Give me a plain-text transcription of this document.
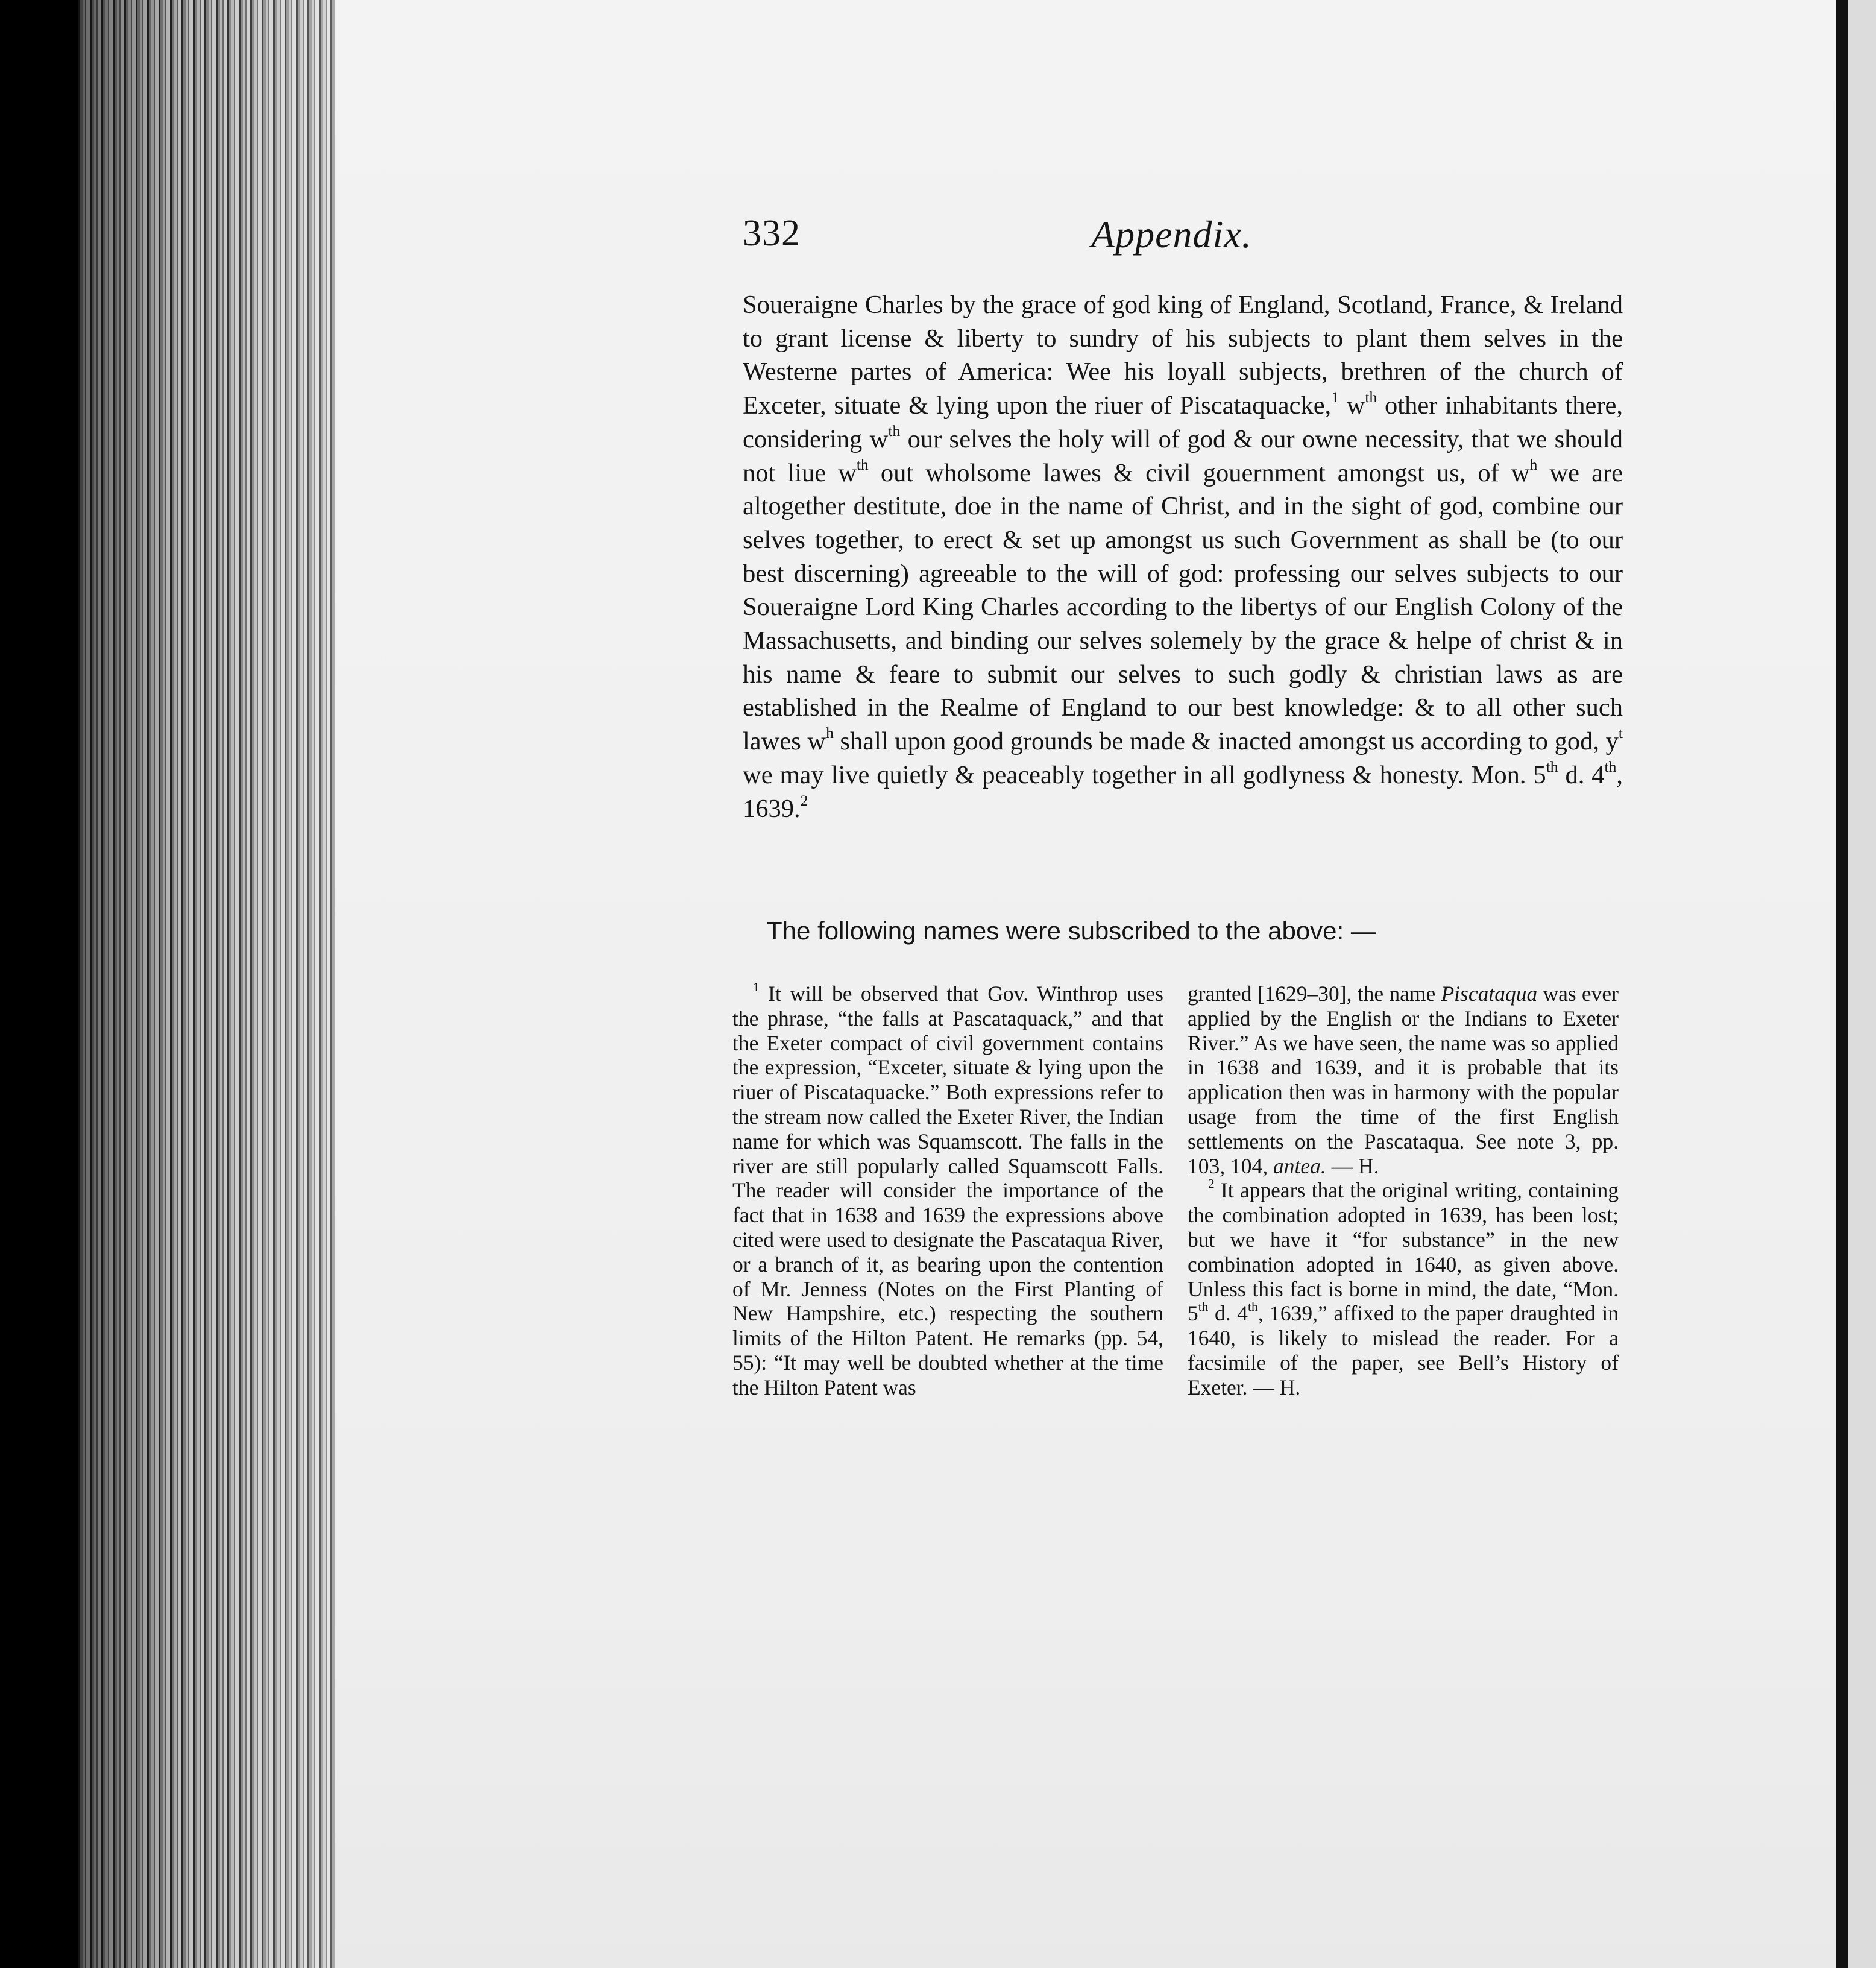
332	Appendix.

Soueraigne Charles by the grace of god king of England, Scotland, France, & Ireland to grant license & liberty to sundry of his subjects to plant them selves in the Westerne partes of America: Wee his loyall subjects, brethren of the church of Exceter, situate & lying upon the riuer of Piscataquacke,$^1$ $w^{th}$ other inhabitants there, considering $w^{th}$ our selves the holy will of god & our owne necessity, that we should not liue $w^{th}$ out wholsome lawes & civil gouernment amongst us, of $w^h$ we are altogether destitute, doe in the name of Christ, and in the sight of god, combine our selves together, to erect & set up amongst us such Government as shall be (to our best discerning) agreeable to the will of god: professing our selves subjects to our Soueraigne Lord King Charles according to the libertys of our English Colony of the Massachusetts, and binding our selves solemely by the grace & helpe of christ & in his name & feare to submit our selves to such godly & christian laws as are established in the Realme of England to our best knowledge: & to all other such lawes $w^h$ shall upon good grounds be made & inacted amongst us according to god, $y^t$ we may live quietly & peaceably together in all godlyness & honesty. Mon. 5th d. 4th, 1639.$^2$

The following names were subscribed to the above: —

$^1$ It will be observed that Gov. Winthrop uses the phrase, “the falls at Pascataquack,” and that the Exeter compact of civil government contains the expression, “Exceter, situate & lying upon the riuer of Piscataquacke.” Both expressions refer to the stream now called the Exeter River, the Indian name for which was Squamscott. The falls in the river are still popularly called Squamscott Falls. The reader will consider the importance of the fact that in 1638 and 1639 the expressions above cited were used to designate the Pascataqua River, or a branch of it, as bearing upon the contention of Mr. Jenness (Notes on the First Planting of New Hampshire, etc.) respecting the southern limits of the Hilton Patent. He remarks (pp. 54, 55): “It may well be doubted whether at the time the Hilton Patent was

granted [1629–30], the name Piscataqua was ever applied by the English or the Indians to Exeter River.” As we have seen, the name was so applied in 1638 and 1639, and it is probable that its application then was in harmony with the popular usage from the time of the first English settlements on the Pascataqua. See note 3, pp. 103, 104, antea. — H.

$^2$ It appears that the original writing, containing the combination adopted in 1639, has been lost; but we have it “for substance” in the new combination adopted in 1640, as given above. Unless this fact is borne in mind, the date, “Mon. 5th d. 4th, 1639,” affixed to the paper draughted in 1640, is likely to mislead the reader. For a facsimile of the paper, see Bell’s History of Exeter. — H.
